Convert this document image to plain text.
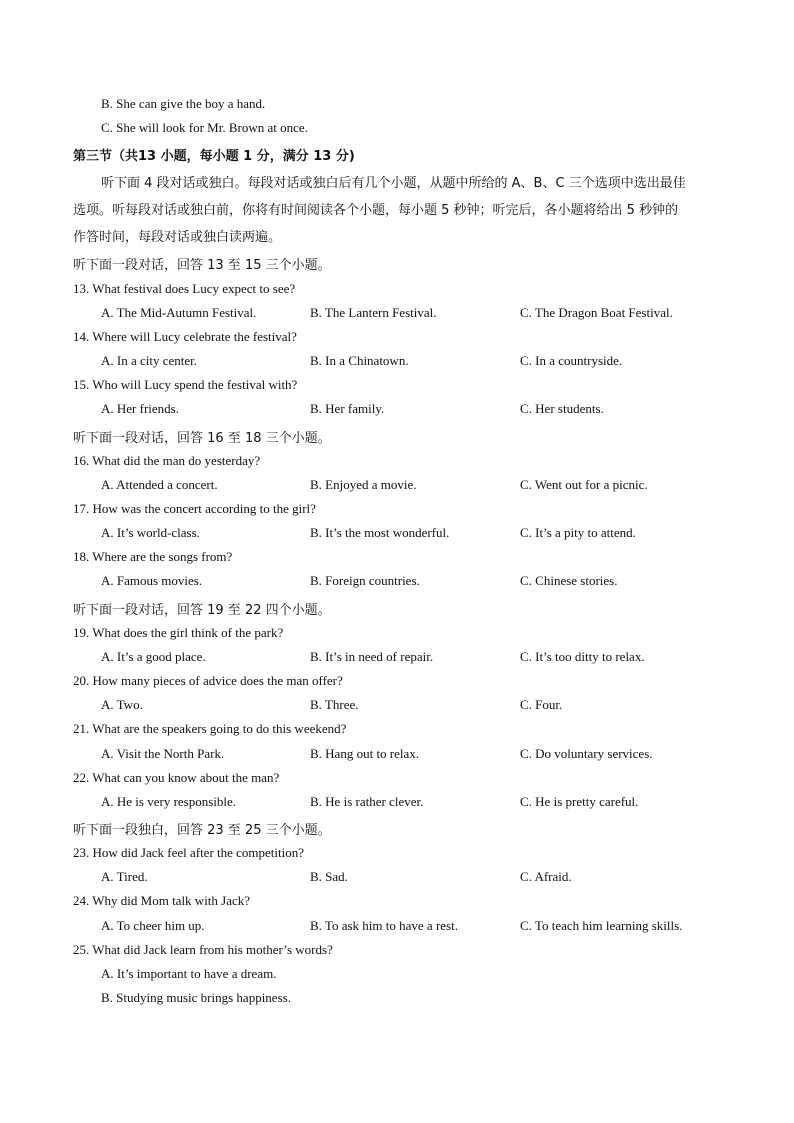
B. She can give the boy a hand.
C. She will look for Mr. Brown at once.
第三节（共13 小题，每小题 1 分，满分 13 分)
听下面 4 段对话或独白。每段对话或独白后有几个小题，从题中所给的 A、B、C 三个选项中选出最佳
选项。听每段对话或独白前，你将有时间阅读各个小题，每小题 5 秒钟；听完后，各小题将给出 5 秒钟的
作答时间，每段对话或独白读两遍。
听下面一段对话，回答 13 至 15 三个小题。
13. What festival does Lucy expect to see?
A. The Mid-Autumn Festival.	B. The Lantern Festival.	C. The Dragon Boat Festival.
14. Where will Lucy celebrate the festival?
A. In a city center.	B. In a Chinatown.	C. In a countryside.
15. Who will Lucy spend the festival with?
A. Her friends.	B. Her family.	C. Her students.
听下面一段对话，回答 16 至 18 三个小题。
16. What did the man do yesterday?
A. Attended a concert.	B. Enjoyed a movie.	C. Went out for a picnic.
17. How was the concert according to the girl?
A. It’s world-class.	B. It’s the most wonderful.	C. It’s a pity to attend.
18. Where are the songs from?
A. Famous movies.	B. Foreign countries.	C. Chinese stories.
听下面一段对话，回答 19 至 22 四个小题。
19. What does the girl think of the park?
A. It’s a good place.	B. It’s in need of repair.	C. It’s too ditty to relax.
20. How many pieces of advice does the man offer?
A. Two.	B. Three.	C. Four.
21. What are the speakers going to do this weekend?
A. Visit the North Park.	B. Hang out to relax.	C. Do voluntary services.
22. What can you know about the man?
A. He is very responsible.	B. He is rather clever.	C. He is pretty careful.
听下面一段独白，回答 23 至 25 三个小题。
23. How did Jack feel after the competition?
A. Tired.	B. Sad.	C. Afraid.
24. Why did Mom talk with Jack?
A. To cheer him up.	B. To ask him to have a rest.	C. To teach him learning skills.
25. What did Jack learn from his mother’s words?
A. It’s important to have a dream.
B. Studying music brings happiness.
